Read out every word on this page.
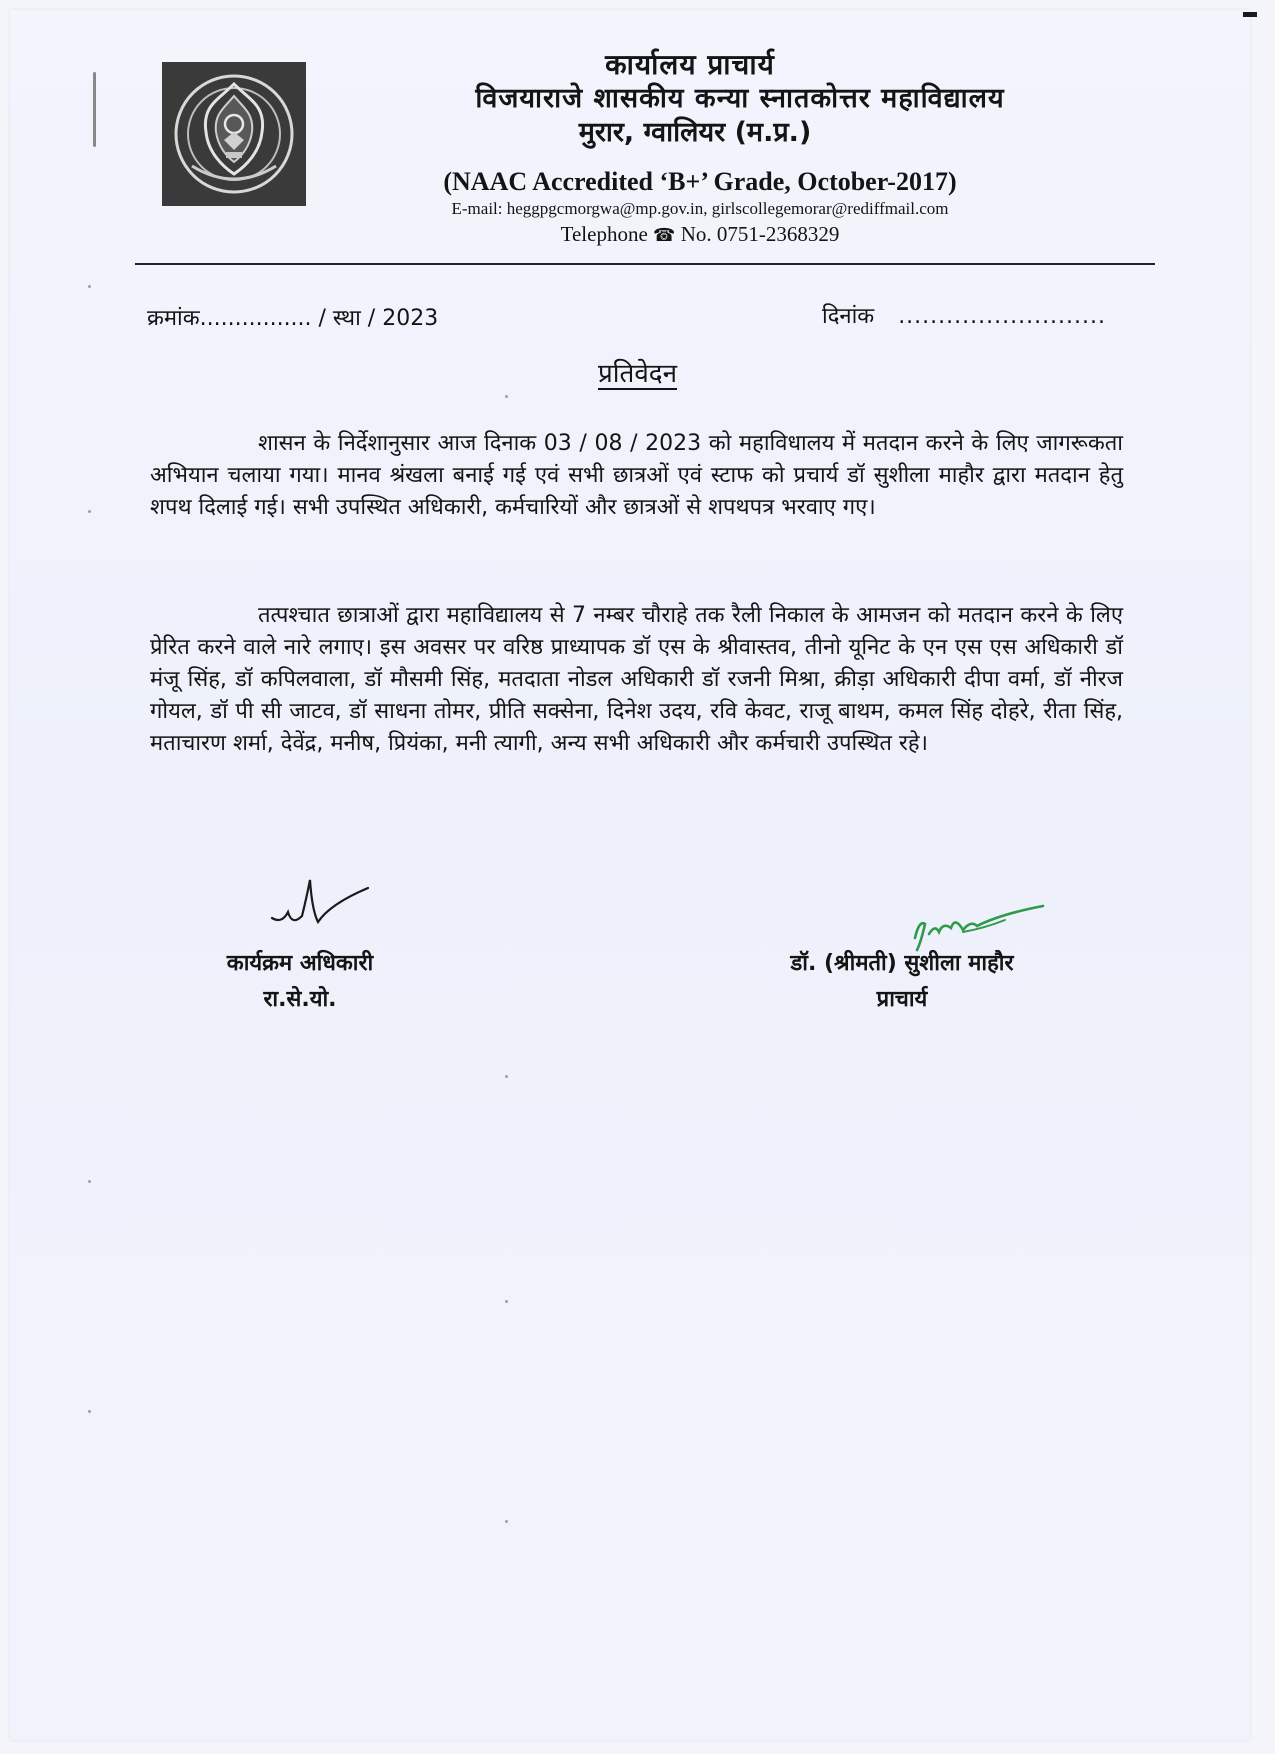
कार्यालय प्राचार्य
विजयाराजे शासकीय कन्या स्नातकोत्तर महाविद्यालय
मुरार, ग्वालियर (म.प्र.)
(NAAC Accredited ‘B+’ Grade, October-2017)
E-mail: heggpgcmorgwa@mp.gov.in, girlscollegemorar@rediffmail.com
Telephone ☎ No. 0751-2368329
क्रमांक................ / स्था / 2023	दिनांक ..........................
प्रतिवेदन

शासन के निर्देशानुसार आज दिनाक 03 / 08 / 2023 को महाविधालय में मतदान करने के लिए जागरूकता अभियान चलाया गया। मानव श्रंखला बनाई गई एवं सभी छात्रओं एवं स्टाफ को प्रचार्य डॉ सुशीला माहौर द्वारा मतदान हेतु शपथ दिलाई गई। सभी उपस्थित अधिकारी, कर्मचारियों और छात्रओं से शपथपत्र भरवाए गए।

तत्पश्चात छात्राओं द्वारा महाविद्यालय से 7 नम्बर चौराहे तक रैली निकाल के आमजन को मतदान करने के लिए प्रेरित करने वाले नारे लगाए। इस अवसर पर वरिष्ठ प्राध्यापक डॉ एस के श्रीवास्तव, तीनो यूनिट के एन एस एस अधिकारी डॉ मंजू सिंह, डॉ कपिलवाला, डॉ मौसमी सिंह, मतदाता नोडल अधिकारी डॉ रजनी मिश्रा, क्रीड़ा अधिकारी दीपा वर्मा, डॉ नीरज गोयल, डॉ पी सी जाटव, डॉ साधना तोमर, प्रीति सक्सेना, दिनेश उदय, रवि केवट, राजू बाथम, कमल सिंह दोहरे, रीता सिंह, मताचारण शर्मा, देवेंद्र, मनीष, प्रियंका, मनी त्यागी, अन्य सभी अधिकारी और कर्मचारी उपस्थित रहे।

कार्यक्रम अधिकारी
रा.से.यो.
डॉ. (श्रीमती) सुशीला माहौर
प्राचार्य
